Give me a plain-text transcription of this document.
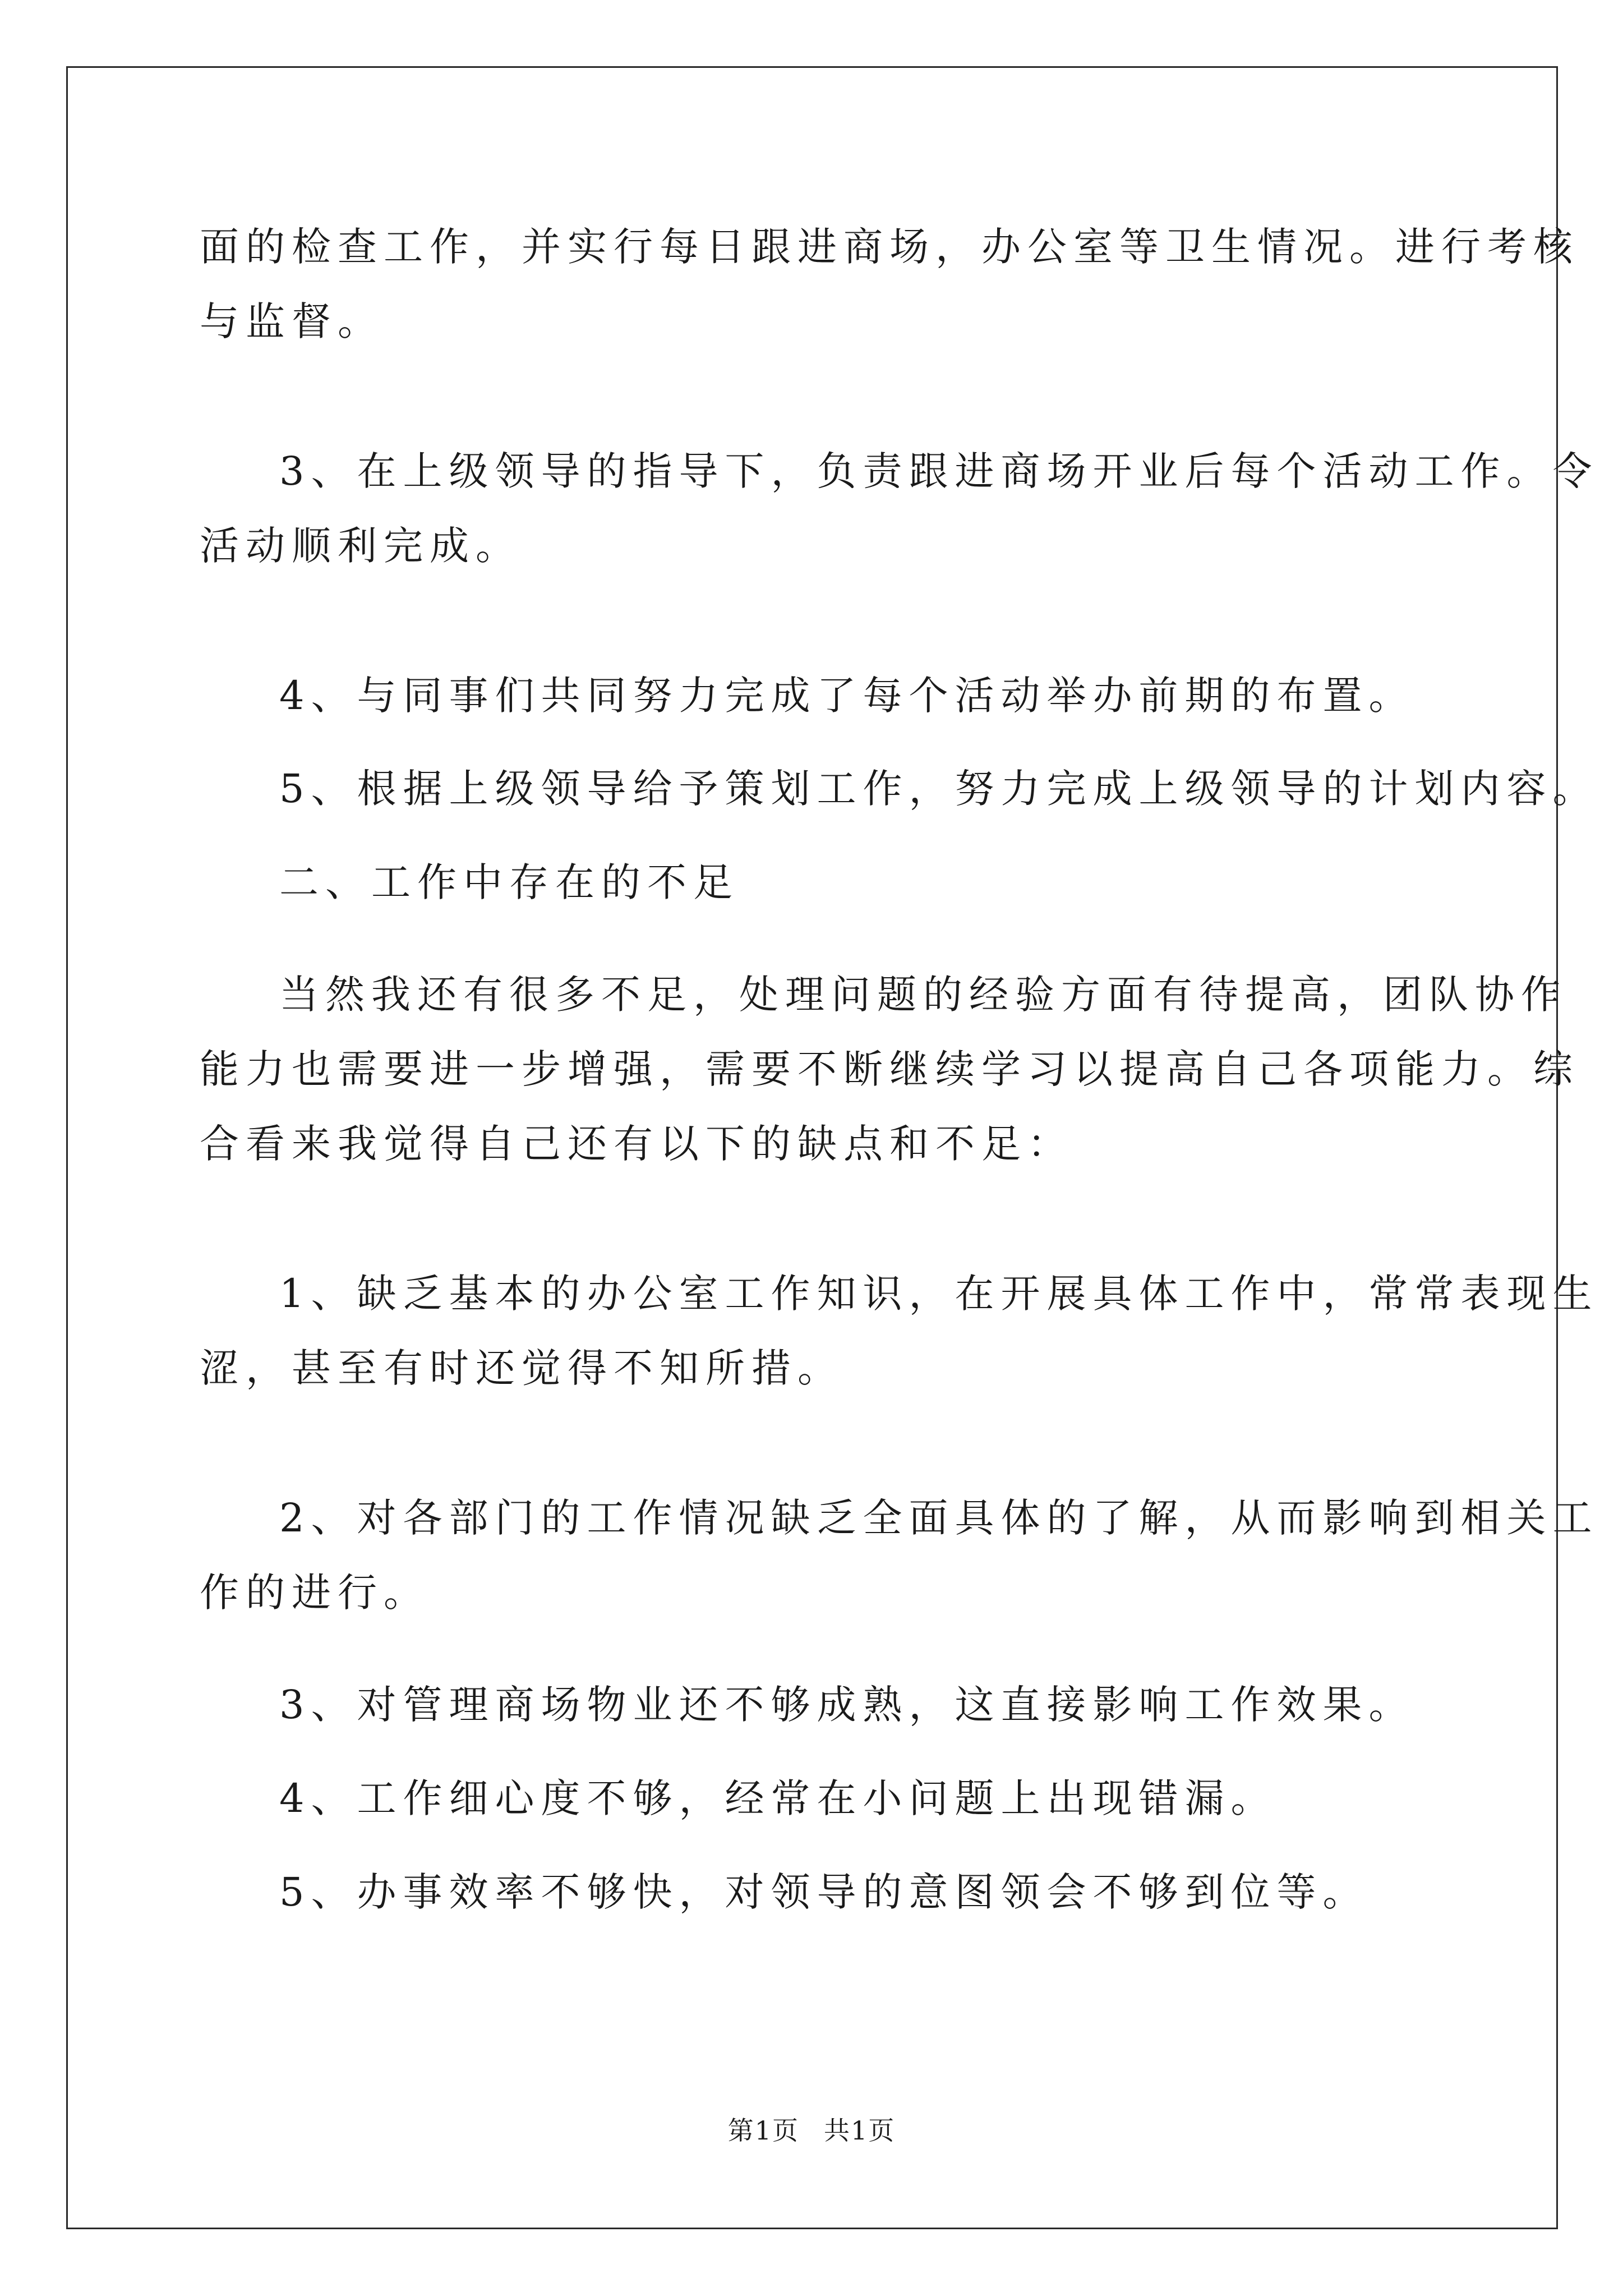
面的检查工作，并实行每日跟进商场，办公室等卫生情况。进行考核
与监督。
3、在上级领导的指导下，负责跟进商场开业后每个活动工作。令
活动顺利完成。
4、与同事们共同努力完成了每个活动举办前期的布置。
5、根据上级领导给予策划工作，努力完成上级领导的计划内容。
二、工作中存在的不足
当然我还有很多不足，处理问题的经验方面有待提高，团队协作
能力也需要进一步增强，需要不断继续学习以提高自己各项能力。综
合看来我觉得自己还有以下的缺点和不足：
1、缺乏基本的办公室工作知识，在开展具体工作中，常常表现生
涩，甚至有时还觉得不知所措。
2、对各部门的工作情况缺乏全面具体的了解，从而影响到相关工
作的进行。
3、对管理商场物业还不够成熟，这直接影响工作效果。
4、工作细心度不够，经常在小问题上出现错漏。
5、办事效率不够快，对领导的意图领会不够到位等。
第1页 共1页
